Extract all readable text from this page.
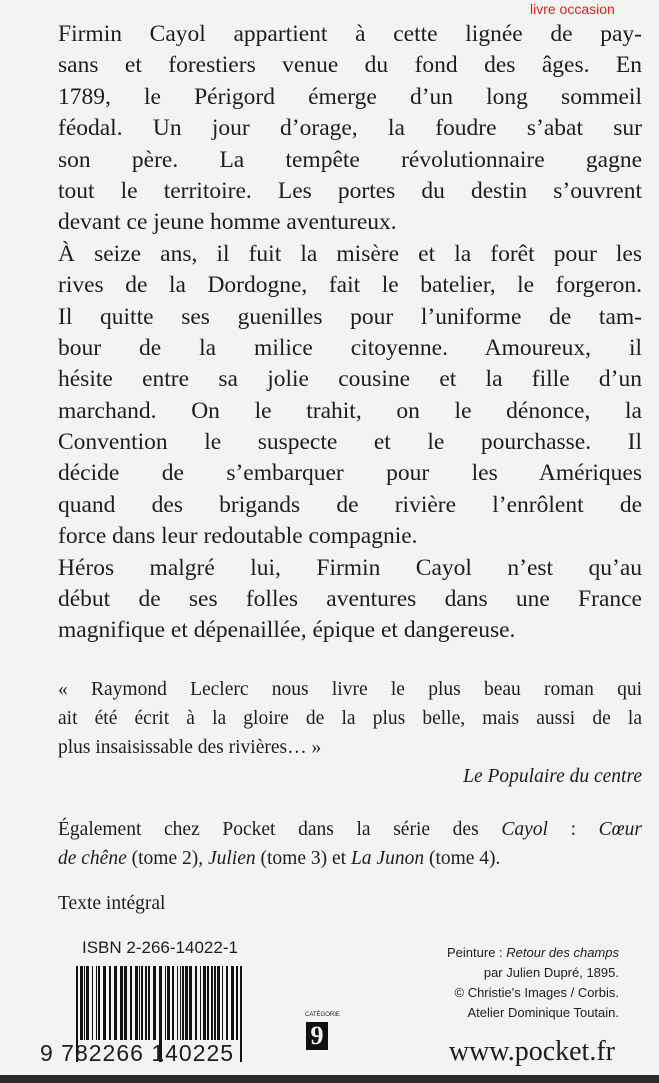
Firmin Cayol appartient à cette lignée de pay-
sans et forestiers venue du fond des âges. En
1789, le Périgord émerge d’un long sommeil
féodal. Un jour d’orage, la foudre s’abat sur
son père. La tempête révolutionnaire gagne
tout le territoire. Les portes du destin s’ouvrent
devant ce jeune homme aventureux.
À seize ans, il fuit la misère et la forêt pour les
rives de la Dordogne, fait le batelier, le forgeron.
Il quitte ses guenilles pour l’uniforme de tam-
bour de la milice citoyenne. Amoureux, il
hésite entre sa jolie cousine et la fille d’un
marchand. On le trahit, on le dénonce, la
Convention le suspecte et le pourchasse. Il
décide de s’embarquer pour les Amériques
quand des brigands de rivière l’enrôlent de
force dans leur redoutable compagnie.
Héros malgré lui, Firmin Cayol n’est qu’au
début de ses folles aventures dans une France
magnifique et dépenaillée, épique et dangereuse.
« Raymond Leclerc nous livre le plus beau roman qui
ait été écrit à la gloire de la plus belle, mais aussi de la
plus insaisissable des rivières… »
Le Populaire du centre
Également chez Pocket dans la série des Cayol : Cœur
de chêne (tome 2), Julien (tome 3) et La Junon (tome 4).
Texte intégral
ISBN 2-266-14022-1
9 782266 140225
CATÉGORIE
9
Peinture : Retour des champs
par Julien Dupré, 1895.
© Christie's Images / Corbis.
Atelier Dominique Toutain.
www.pocket.fr
livre occasion
